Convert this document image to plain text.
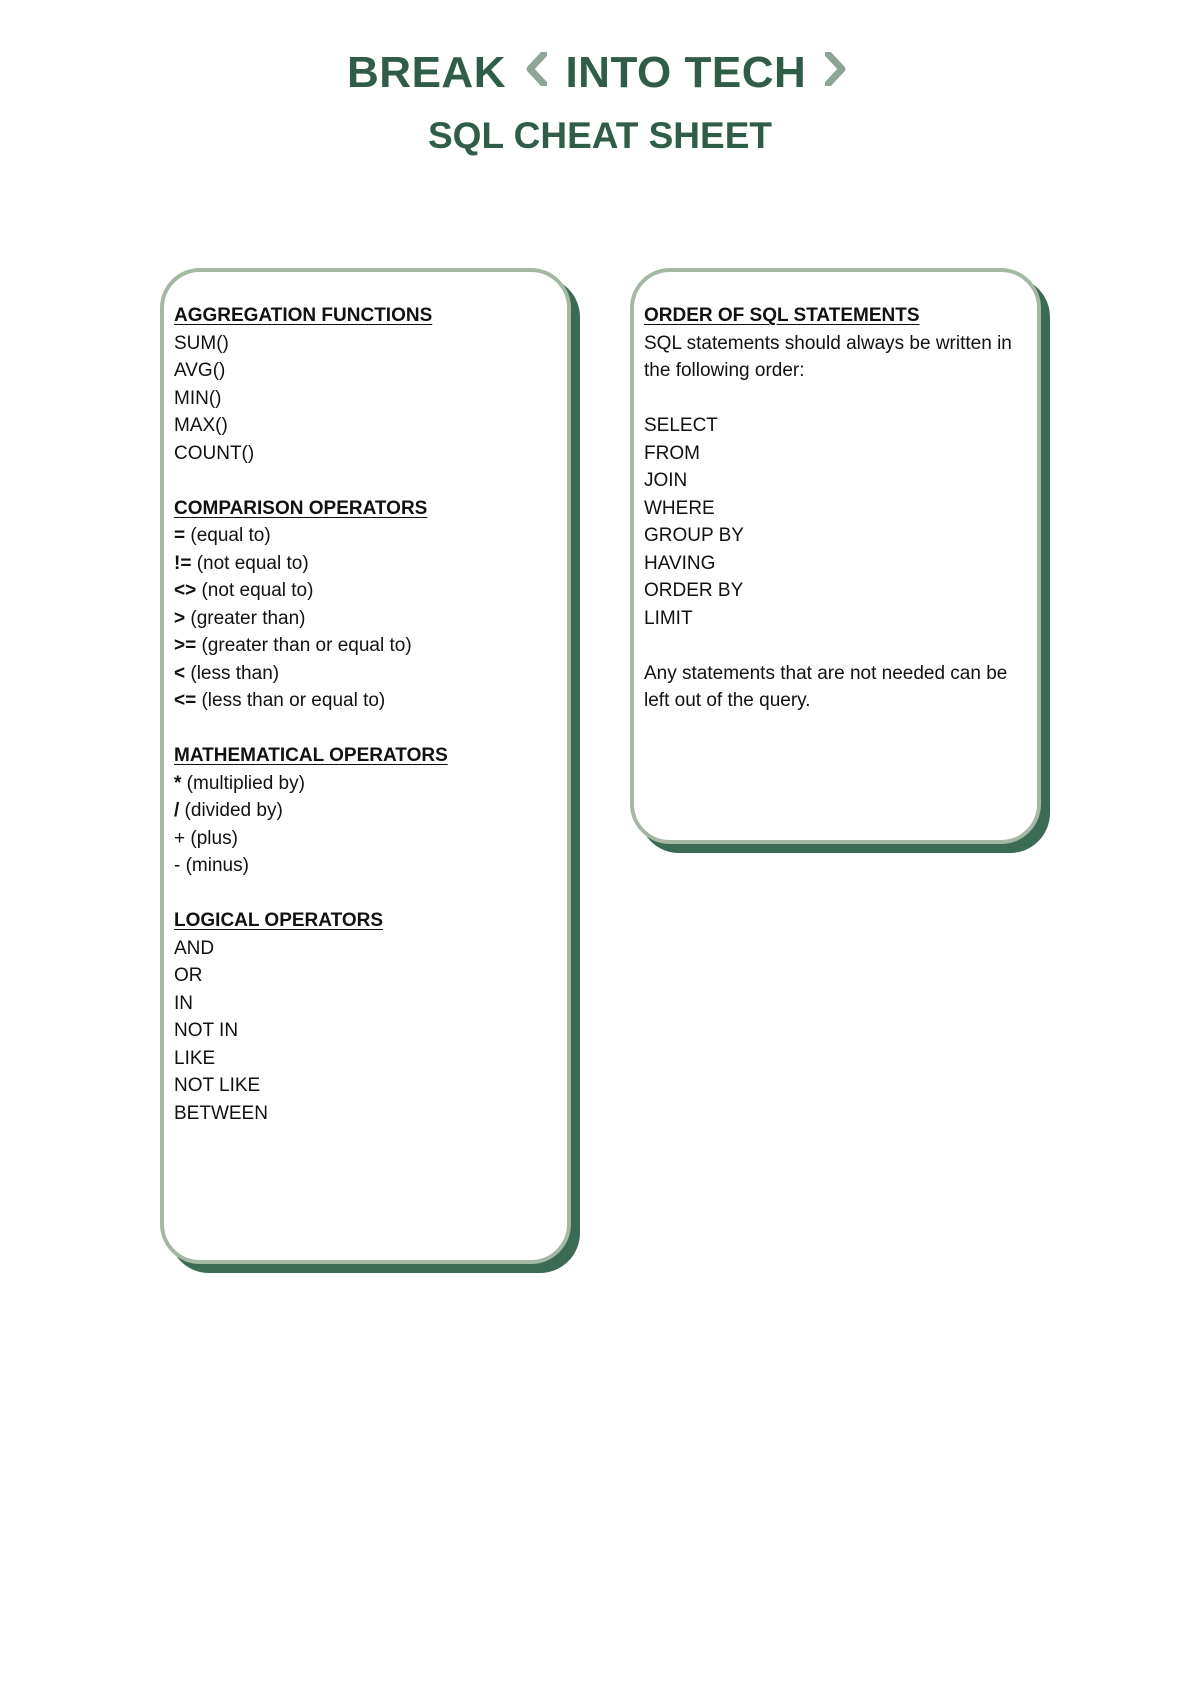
BREAK INTO TECH
SQL CHEAT SHEET
AGGREGATION FUNCTIONS
SUM()
AVG()
MIN()
MAX()
COUNT()
COMPARISON OPERATORS
= (equal to)
!= (not equal to)
<> (not equal to)
> (greater than)
>= (greater than or equal to)
< (less than)
<= (less than or equal to)
MATHEMATICAL OPERATORS
* (multiplied by)
/ (divided by)
+ (plus)
- (minus)
LOGICAL OPERATORS
AND
OR
IN
NOT IN
LIKE
NOT LIKE
BETWEEN
ORDER OF SQL STATEMENTS
SQL statements should always be written in the following order:
SELECT
FROM
JOIN
WHERE
GROUP BY
HAVING
ORDER BY
LIMIT
Any statements that are not needed can be left out of the query.
